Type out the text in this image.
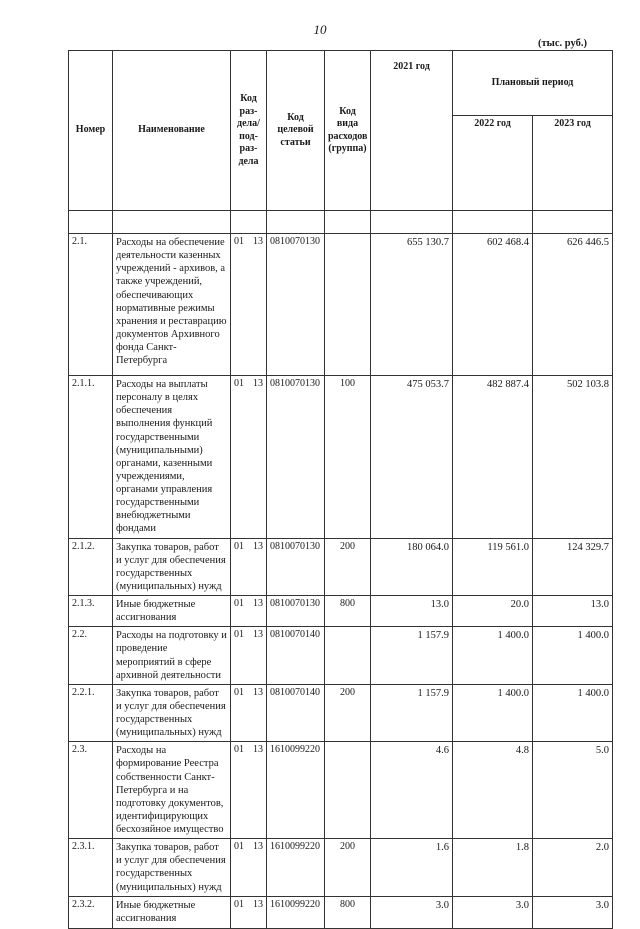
10
(тыс. руб.)
Номер	Наименование	Код раз-дела/ под-раз-дела	Код целевой статьи	Код вида расходов (группа)	2021 год	Плановый период	
						2022 год	2023 год

2.1.	Расходы на обеспечение деятельности казенных учреждений - архивов, а также учреждений, обеспечивающих нормативные режимы хранения и реставрацию документов Архивного фонда Санкт-Петербурга	01 13	0810070130		655 130.7	602 468.4	626 446.5
2.1.1.	Расходы на выплаты персоналу в целях обеспечения выполнения функций государственными (муниципальными) органами, казенными учреждениями, органами управления государственными внебюджетными фондами	01 13	0810070130	100	475 053.7	482 887.4	502 103.8
2.1.2.	Закупка товаров, работ и услуг для обеспечения государственных (муниципальных) нужд	01 13	0810070130	200	180 064.0	119 561.0	124 329.7
2.1.3.	Иные бюджетные ассигнования	01 13	0810070130	800	13.0	20.0	13.0
2.2.	Расходы на подготовку и проведение мероприятий в сфере архивной деятельности	01 13	0810070140		1 157.9	1 400.0	1 400.0
2.2.1.	Закупка товаров, работ и услуг для обеспечения государственных (муниципальных) нужд	01 13	0810070140	200	1 157.9	1 400.0	1 400.0
2.3.	Расходы на формирование Реестра собственности Санкт-Петербурга и на подготовку документов, идентифицирующих бесхозяйное имущество	01 13	1610099220		4.6	4.8	5.0
2.3.1.	Закупка товаров, работ и услуг для обеспечения государственных (муниципальных) нужд	01 13	1610099220	200	1.6	1.8	2.0
2.3.2.	Иные бюджетные ассигнования	01 13	1610099220	800	3.0	3.0	3.0
